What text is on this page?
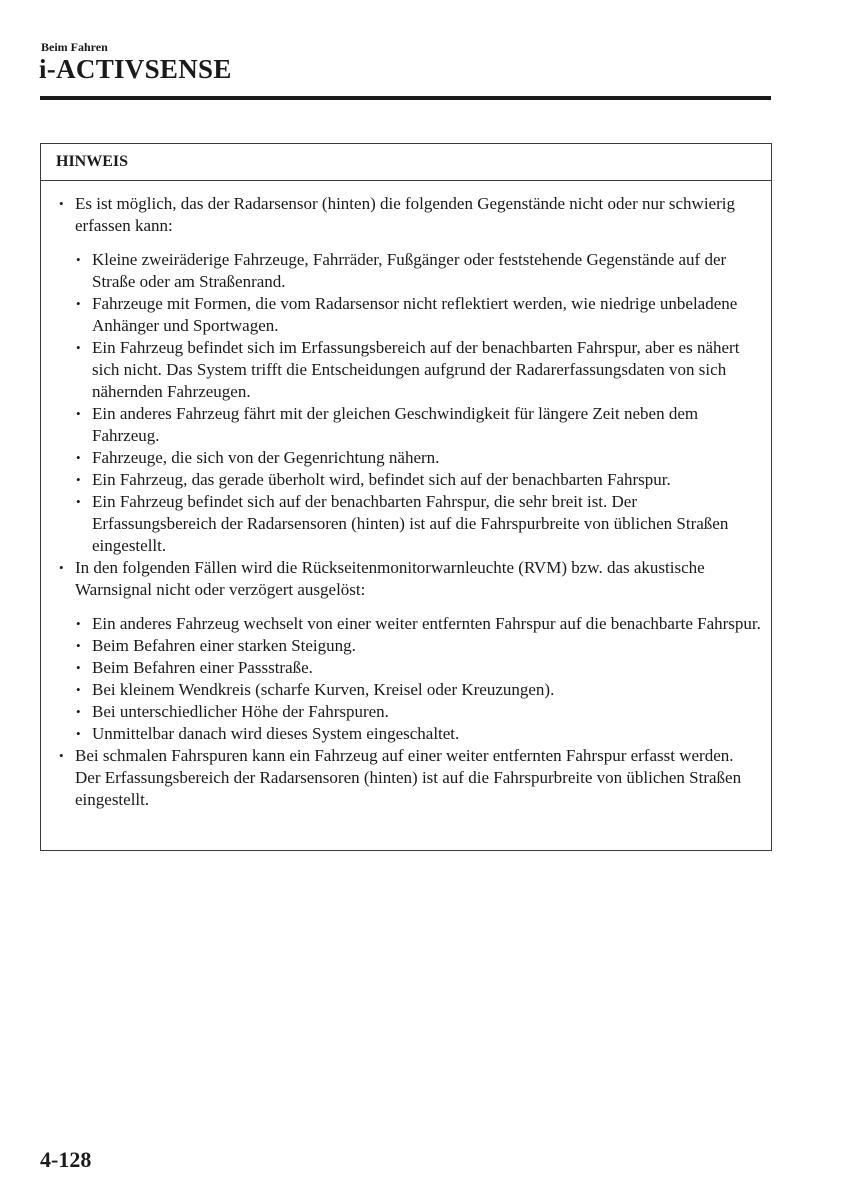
Beim Fahren
i-ACTIVSENSE
HINWEIS
• Es ist möglich, das der Radarsensor (hinten) die folgenden Gegenstände nicht oder nur schwierig erfassen kann:
• Kleine zweiräderige Fahrzeuge, Fahrräder, Fußgänger oder feststehende Gegenstände auf der Straße oder am Straßenrand.
• Fahrzeuge mit Formen, die vom Radarsensor nicht reflektiert werden, wie niedrige unbeladene Anhänger und Sportwagen.
• Ein Fahrzeug befindet sich im Erfassungsbereich auf der benachbarten Fahrspur, aber es nähert sich nicht. Das System trifft die Entscheidungen aufgrund der Radarerfassungsdaten von sich nähernden Fahrzeugen.
• Ein anderes Fahrzeug fährt mit der gleichen Geschwindigkeit für längere Zeit neben dem Fahrzeug.
• Fahrzeuge, die sich von der Gegenrichtung nähern.
• Ein Fahrzeug, das gerade überholt wird, befindet sich auf der benachbarten Fahrspur.
• Ein Fahrzeug befindet sich auf der benachbarten Fahrspur, die sehr breit ist. Der Erfassungsbereich der Radarsensoren (hinten) ist auf die Fahrspurbreite von üblichen Straßen eingestellt.
• In den folgenden Fällen wird die Rückseitenmonitorwarnleuchte (RVM) bzw. das akustische Warnsignal nicht oder verzögert ausgelöst:
• Ein anderes Fahrzeug wechselt von einer weiter entfernten Fahrspur auf die benachbarte Fahrspur.
• Beim Befahren einer starken Steigung.
• Beim Befahren einer Passstraße.
• Bei kleinem Wendkreis (scharfe Kurven, Kreisel oder Kreuzungen).
• Bei unterschiedlicher Höhe der Fahrspuren.
• Unmittelbar danach wird dieses System eingeschaltet.
• Bei schmalen Fahrspuren kann ein Fahrzeug auf einer weiter entfernten Fahrspur erfasst werden. Der Erfassungsbereich der Radarsensoren (hinten) ist auf die Fahrspurbreite von üblichen Straßen eingestellt.
4-128
